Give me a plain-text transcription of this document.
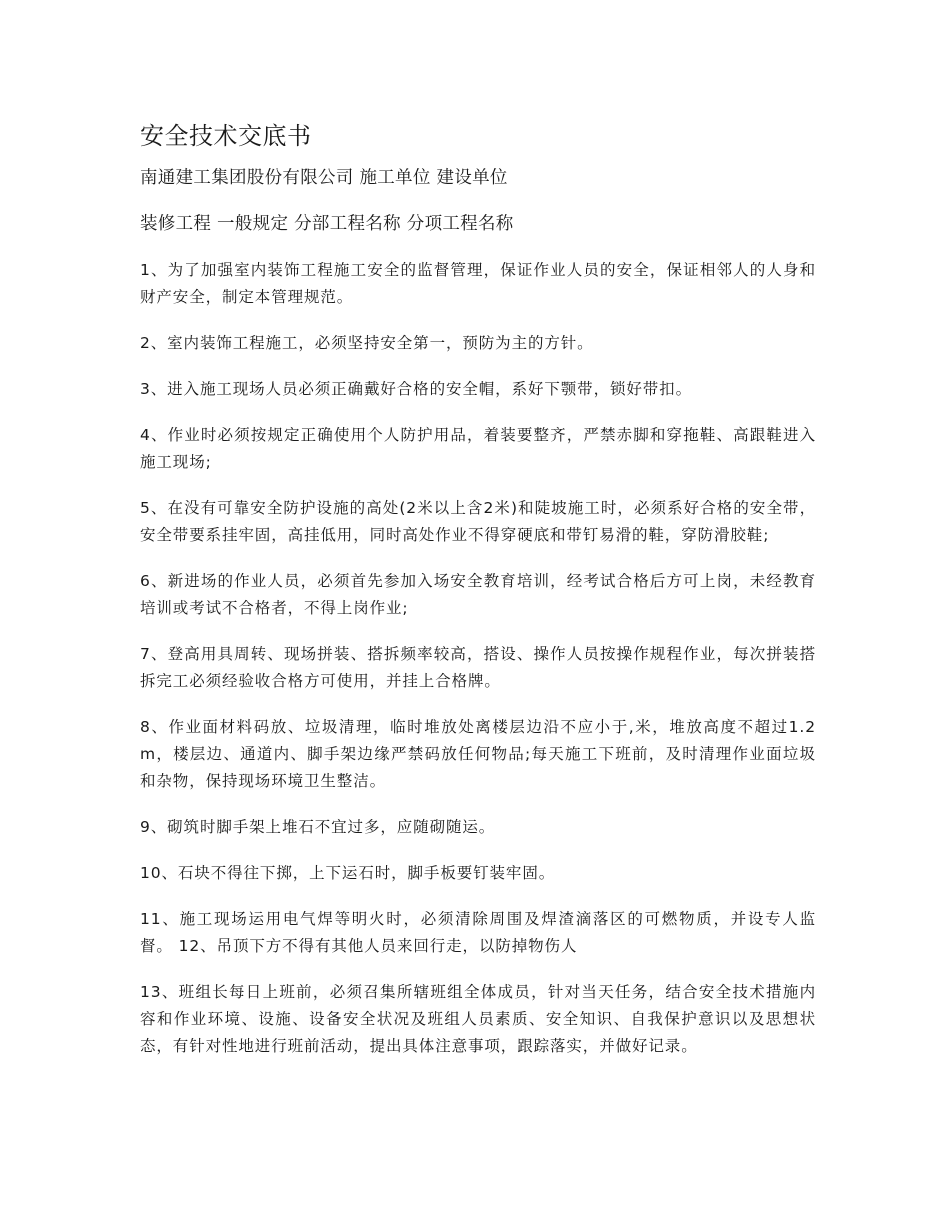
安全技术交底书

南通建工集团股份有限公司 施工单位 建设单位

装修工程 一般规定 分部工程名称 分项工程名称

1、为了加强室内装饰工程施工安全的监督管理，保证作业人员的安全，保证相邻人的人身和财产安全，制定本管理规范。

2、室内装饰工程施工，必须坚持安全第一，预防为主的方针。

3、进入施工现场人员必须正确戴好合格的安全帽，系好下颚带，锁好带扣。

4、作业时必须按规定正确使用个人防护用品，着装要整齐，严禁赤脚和穿拖鞋、高跟鞋进入施工现场;

5、在没有可靠安全防护设施的高处(2米以上含2米)和陡坡施工时，必须系好合格的安全带，安全带要系挂牢固，高挂低用，同时高处作业不得穿硬底和带钉易滑的鞋，穿防滑胶鞋;

6、新进场的作业人员，必须首先参加入场安全教育培训，经考试合格后方可上岗，未经教育培训或考试不合格者，不得上岗作业;

7、登高用具周转、现场拼装、搭拆频率较高，搭设、操作人员按操作规程作业，每次拼装搭拆完工必须经验收合格方可使用，并挂上合格牌。

8、作业面材料码放、垃圾清理，临时堆放处离楼层边沿不应小于,米，堆放高度不超过1.2m，楼层边、通道内、脚手架边缘严禁码放任何物品;每天施工下班前，及时清理作业面垃圾和杂物，保持现场环境卫生整洁。

9、砌筑时脚手架上堆石不宜过多，应随砌随运。

10、石块不得往下掷，上下运石时，脚手板要钉装牢固。

11、施工现场运用电气焊等明火时，必须清除周围及焊渣滴落区的可燃物质，并设专人监督。 12、吊顶下方不得有其他人员来回行走，以防掉物伤人

13、班组长每日上班前，必须召集所辖班组全体成员，针对当天任务，结合安全技术措施内容和作业环境、设施、设备安全状况及班组人员素质、安全知识、自我保护意识以及思想状态，有针对性地进行班前活动，提出具体注意事项，跟踪落实，并做好记录。
